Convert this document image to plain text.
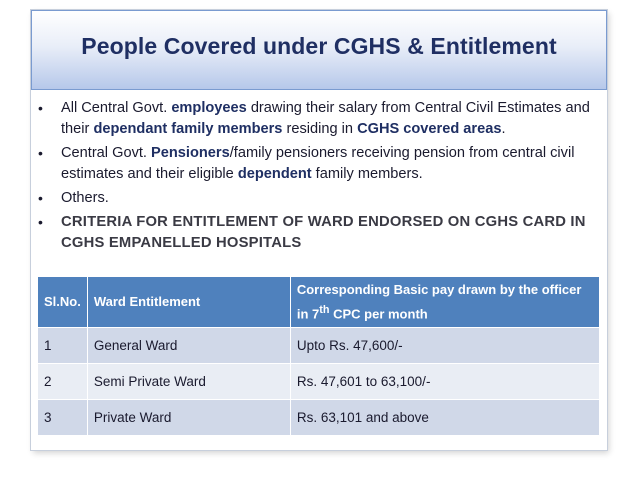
People Covered under CGHS & Entitlement
• All Central Govt. employees drawing their salary from Central Civil Estimates and their dependant family members residing in CGHS covered areas.
• Central Govt. Pensioners/family pensioners receiving pension from central civil estimates and their eligible dependent family members.
• Others.
• CRITERIA FOR ENTITLEMENT OF WARD ENDORSED ON CGHS CARD IN CGHS EMPANELLED HOSPITALS
Sl.No.	Ward Entitlement	Corresponding Basic pay drawn by the officer in 7th CPC per month
1	General Ward	Upto Rs. 47,600/-
2	Semi Private Ward	Rs. 47,601 to 63,100/-
3	Private Ward	Rs. 63,101 and above
